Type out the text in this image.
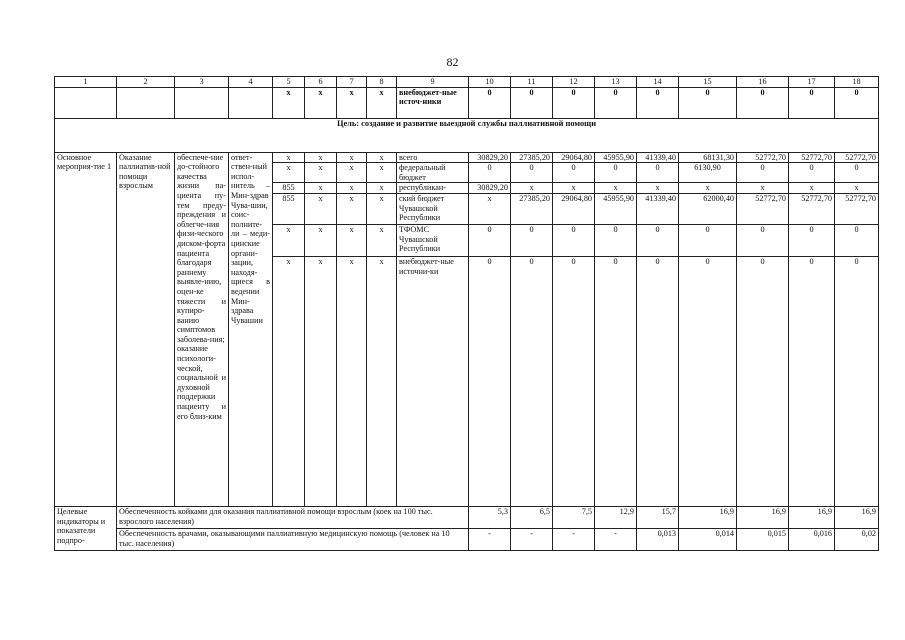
82
1	2	3	4	5	6	7	8	9	10	11	12	13	14	15	16	17	18
				x	x	x	x	внебюджет-ные источ-ники	0	0	0	0	0	0	0	0	0
Цель: создание и развитие выездной службы паллиативной помощи																	
Основное мероприя-тие 1	Оказание паллиатив-ной помощи взрослым	обеспече-ние до-стойного качества жизни па-циента пу-тем преду-преждения и облегче-ния физи-ческого диском-форта пациента благодаря раннему выявле-нию, оцен-ке тяжести и купиро-ванию симптомов заболева-ния; оказание психологи-ческой, социальной и духовной поддержки пациенту и его близ-ким	ответ-ствен-ный испол-нитель – Мин-здрав Чува-шии, соис-полните-ли – меди-цинские органи-зации, находя-щиеся в ведении Мин-здрава Чувашии	x	x	x	x	всего	30829,20	27385,20	29064,80	45955,90	41339,40	68131,30	52772,70	52772,70	52772,70
				x	x	x	x	федеральный бюджет	0	0	0	0	0	6130,90	0	0	0
				855	x	x	x	республикан-	30829,20	x	x	x	x	x	x	x	x
				855	x	x	x	ский бюджет Чувашской Республики	x	27385,20	29064,80	45955,90	41339,40	62000,40	52772,70	52772,70	52772,70
				x	x	x	x	ТФОМС Чувашской Республики	0	0	0	0	0	0	0	0	0
				x	x	x	x	внебюджет-ные источни-ки	0	0	0	0	0	0	0	0	0
Целевые индикаторы и показатели подпро-	Обеспеченность койками для оказания паллиативной помощи взрослым (коек на 100 тыс. взрослого населения)								5,3	6,5	7,5	12,9	15,7	16,9	16,9	16,9	16,9
	Обеспеченность врачами, оказывающими паллиативную медицинскую помощь (человек на 10 тыс. населения)								-	-	-	-	0,013	0,014	0,015	0,016	0,02
